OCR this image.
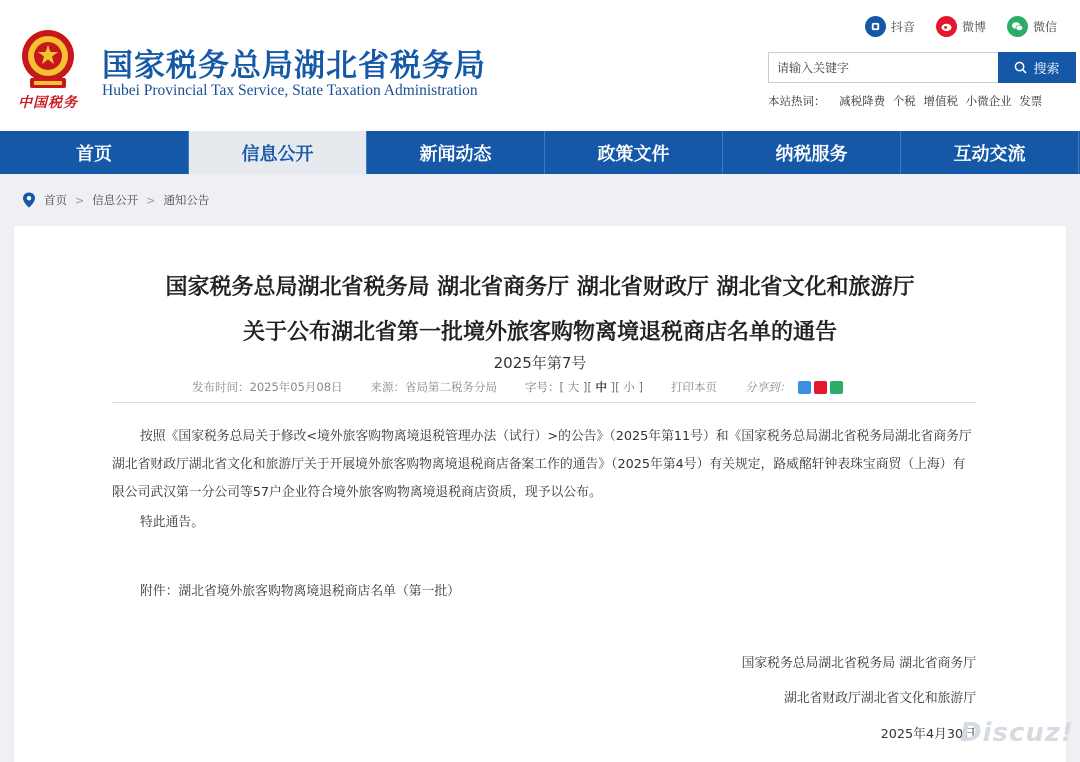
中国税务
国家税务总局湖北省税务局
Hubei Provincial Tax Service, State Taxation Administration
抖音	微博	微信
请输入关键字
搜索
本站热词： 减税降费 个税 增值税 小微企业 发票
首页	信息公开	新闻动态	政策文件	纳税服务	互动交流
首页 > 信息公开 > 通知公告
国家税务总局湖北省税务局 湖北省商务厅 湖北省财政厅 湖北省文化和旅游厅
关于公布湖北省第一批境外旅客购物离境退税商店名单的通告
2025年第7号
发布时间：2025年05月08日 来源：省局第二税务分局 字号： [ 大 ] [ 中 ] [ 小 ] 打印本页 分享到：
按照《国家税务总局关于修改<境外旅客购物离境退税管理办法（试行）>的公告》（2025年第11号）和《国家税务总局湖北省税务局湖北省商务厅湖北省财政厅湖北省文化和旅游厅关于开展境外旅客购物离境退税商店备案工作的通告》（2025年第4号）有关规定，路威酩轩钟表珠宝商贸（上海）有限公司武汉第一分公司等57户企业符合境外旅客购物离境退税商店资质，现予以公布。
特此通告。
附件：湖北省境外旅客购物离境退税商店名单（第一批）
国家税务总局湖北省税务局 湖北省商务厅
湖北省财政厅湖北省文化和旅游厅
2025年4月30日
Discuz!
